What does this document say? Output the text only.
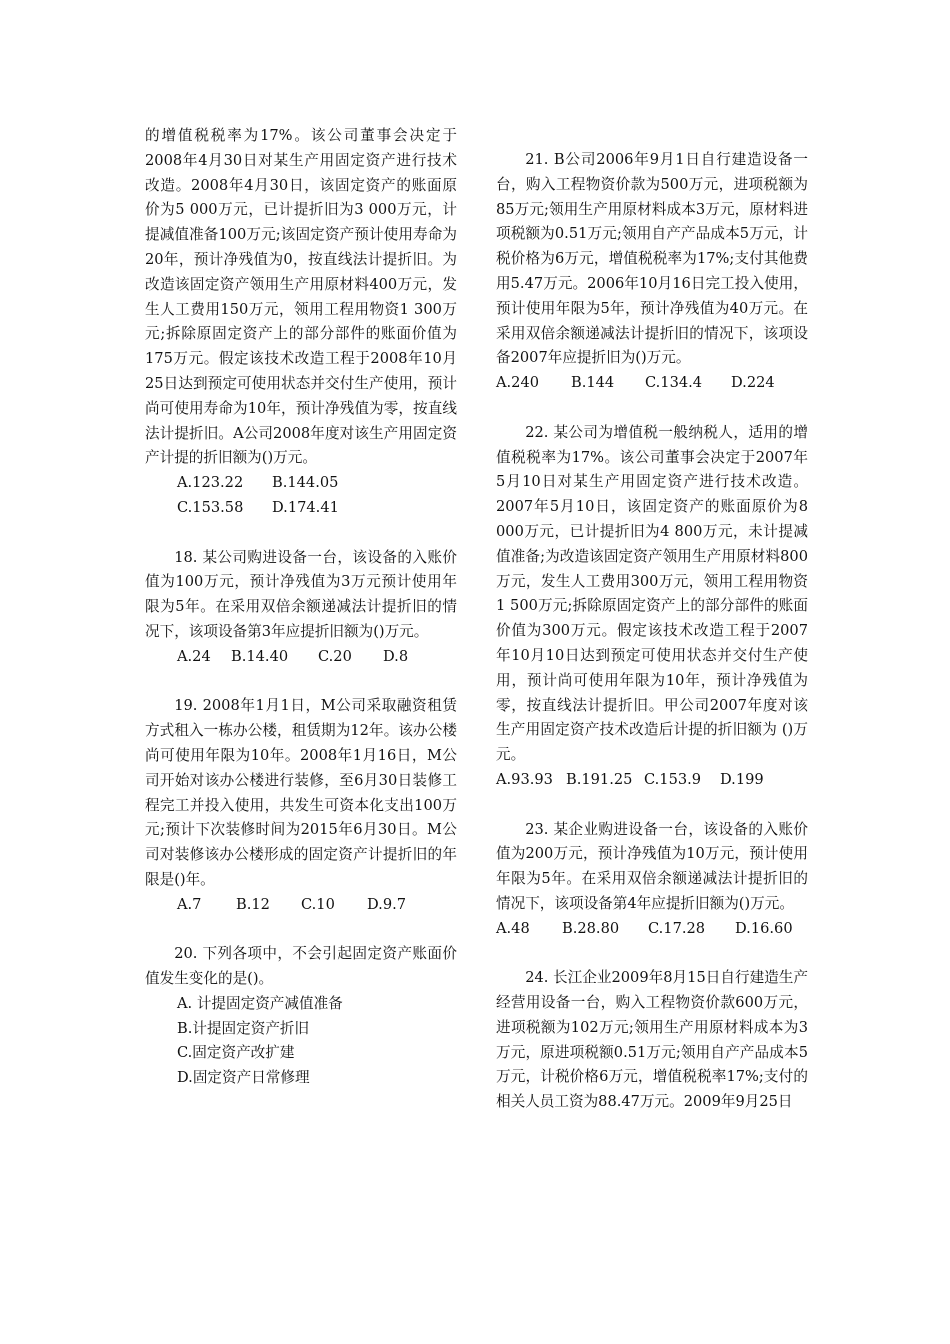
的增值税税率为17%。该公司董事会决定于2008年4月30日对某生产用固定资产进行技术改造。2008年4月30日，该固定资产的账面原价为5 000万元，已计提折旧为3 000万元，计提减值准备100万元;该固定资产预计使用寿命为20年，预计净残值为0，按直线法计提折旧。为改造该固定资产领用生产用原材料400万元，发生人工费用150万元，领用工程用物资1 300万元;拆除原固定资产上的部分部件的账面价值为175万元。假定该技术改造工程于2008年10月25日达到预定可使用状态并交付生产使用，预计尚可使用寿命为10年，预计净残值为零，按直线法计提折旧。A公司2008年度对该生产用固定资产计提的折旧额为()万元。

A.123.22	B.144.05
C.153.58	D.174.41

18. 某公司购进设备一台，该设备的入账价值为100万元，预计净残值为3万元预计使用年限为5年。在采用双倍余额递减法计提折旧的情况下，该项设备第3年应提折旧额为()万元。

A.24	B.14.40	C.20	D.8

19. 2008年1月1日，M公司采取融资租赁方式租入一栋办公楼，租赁期为12年。该办公楼尚可使用年限为10年。2008年1月16日，M公司开始对该办公楼进行装修，至6月30日装修工程完工并投入使用，共发生可资本化支出100万元;预计下次装修时间为2015年6月30日。M公司对装修该办公楼形成的固定资产计提折旧的年限是()年。

A.7	B.12	C.10	D.9.7

20. 下列各项中，不会引起固定资产账面价值发生变化的是()。

A. 计提固定资产减值准备

B.计提固定资产折旧

C.固定资产改扩建

D.固定资产日常修理

21. B公司2006年9月1日自行建造设备一台，购入工程物资价款为500万元，进项税额为 85万元;领用生产用原材料成本3万元，原材料进项税额为0.51万元;领用自产产品成本5万元，计税价格为6万元，增值税税率为17%;支付其他费用5.47万元。2006年10月16日完工投入使用，预计使用年限为5年，预计净残值为40万元。在采用双倍余额递减法计提折旧的情况下，该项设备2007年应提折旧为()万元。

A.240	B.144	C.134.4	D.224

22. 某公司为增值税一般纳税人，适用的增值税税率为17%。该公司董事会决定于2007年5月10日对某生产用固定资产进行技术改造。2007年5月10日，该固定资产的账面原价为8 000万元，已计提折旧为4 800万元，未计提减值准备;为改造该固定资产领用生产用原材料800万元，发生人工费用300万元，领用工程用物资1 500万元;拆除原固定资产上的部分部件的账面价值为300万元。假定该技术改造工程于2007年10月10日达到预定可使用状态并交付生产使用，预计尚可使用年限为10年，预计净残值为零，按直线法计提折旧。甲公司2007年度对该生产用固定资产技术改造后计提的折旧额为 ()万元。

A.93.93 B.191.25 C.153.9	D.199

23. 某企业购进设备一台，该设备的入账价值为200万元，预计净残值为10万元，预计使用年限为5年。在采用双倍余额递减法计提折旧的情况下，该项设备第4年应提折旧额为()万元。

A.48	B.28.80	C.17.28	D.16.60

24. 长江企业2009年8月15日自行建造生产经营用设备一台，购入工程物资价款600万元，进项税额为102万元;领用生产用原材料成本为3万元，原进项税额0.51万元;领用自产产品成本5万元，计税价格6万元，增值税税率17%;支付的相关人员工资为88.47万元。2009年9月25日
